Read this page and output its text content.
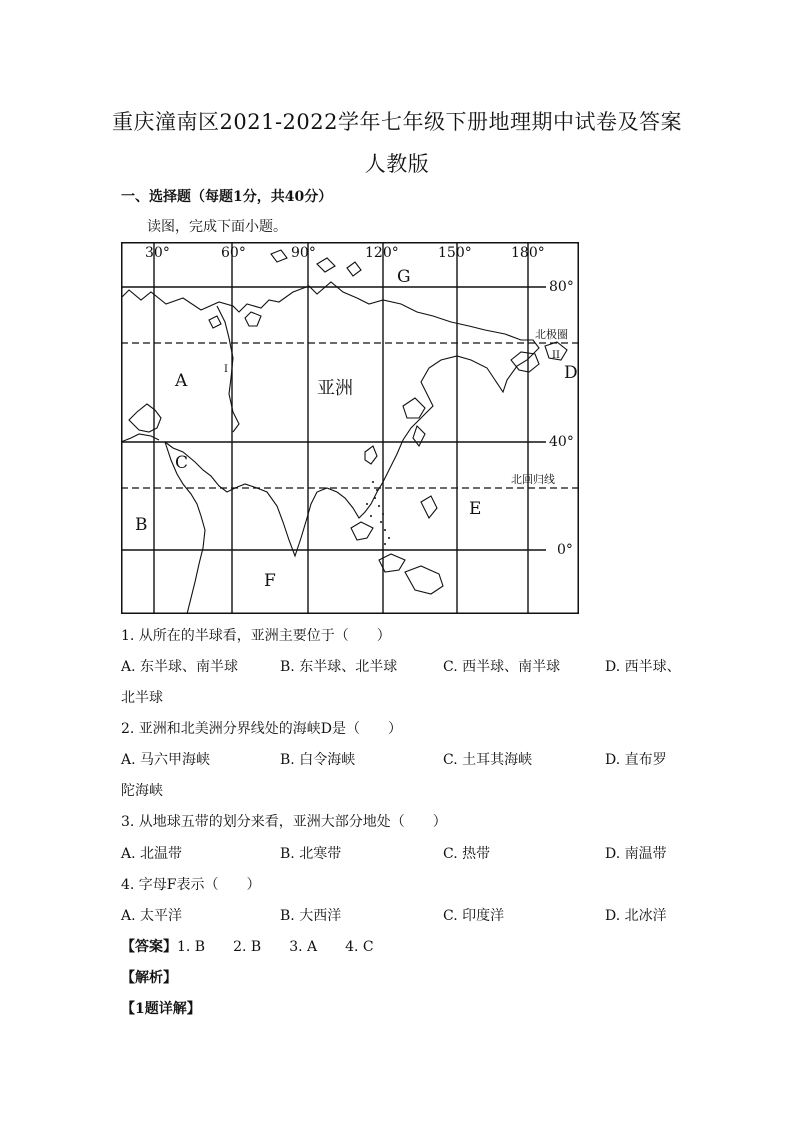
重庆潼南区2021-2022学年七年级下册地理期中试卷及答案
人教版
一、选择题（每题1分，共40分）
读图，完成下面小题。
30°	60°	90°	120°	150°	180°
80°
40°
0°
北极圈
北回归线
G
A
C
B
F
E
D
亚洲
I
II
1. 从所在的半球看，亚洲主要位于（　　）
A. 东半球、南半球	B. 东半球、北半球	C. 西半球、南半球	D. 西半球、
北半球
2. 亚洲和北美洲分界线处的海峡D是（　　）
A. 马六甲海峡	B. 白令海峡	C. 土耳其海峡	D. 直布罗
陀海峡
3. 从地球五带的划分来看，亚洲大部分地处（　　）
A. 北温带	B. 北寒带	C. 热带	D. 南温带
4. 字母F表示（　　）
A. 太平洋	B. 大西洋	C. 印度洋	D. 北冰洋
【答案】1. B　　2. B　　3. A　　4. C
【解析】
【1题详解】
